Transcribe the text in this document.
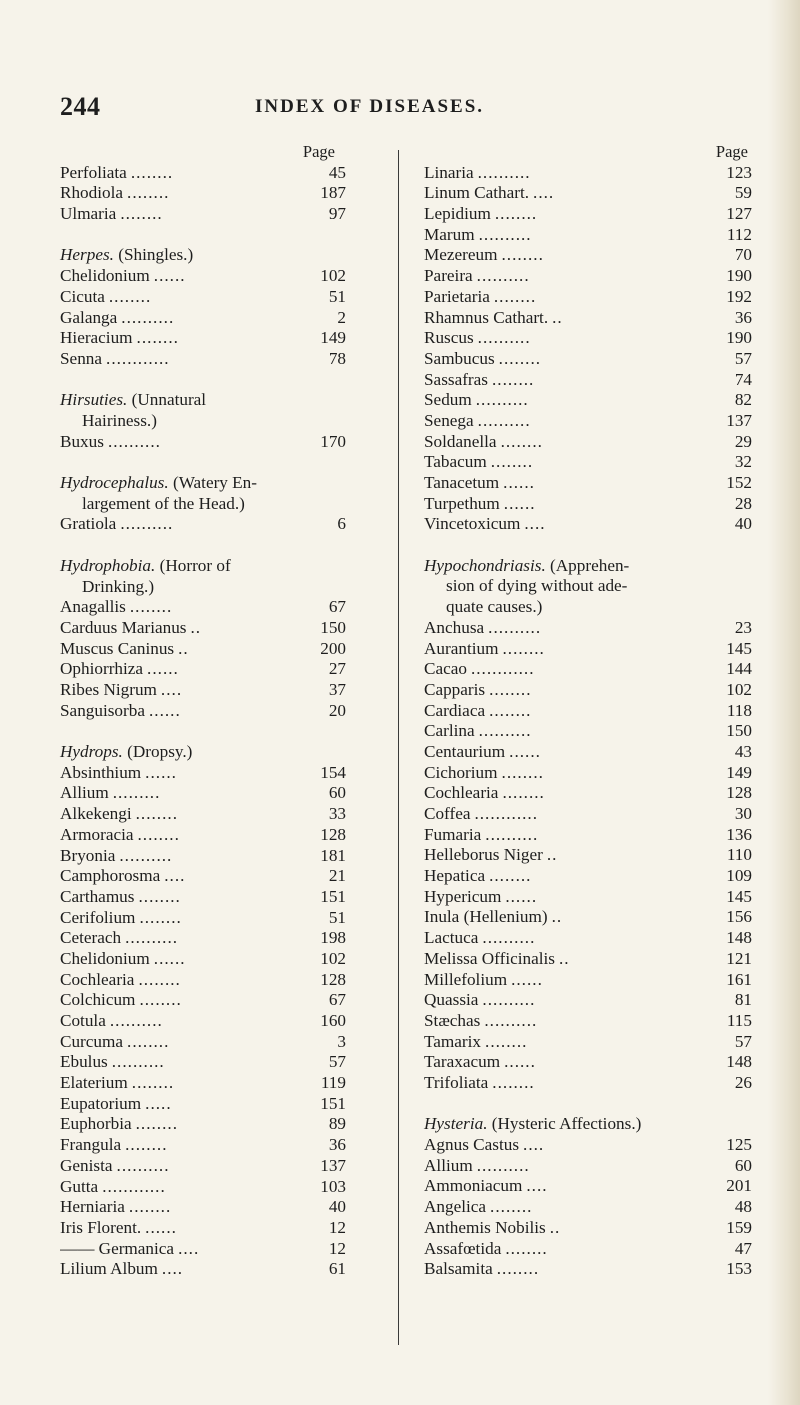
244	INDEX OF DISEASES.
Page
Perfoliata ........	45
Rhodiola ........	187
Ulmaria ........	97
Herpes. (Shingles.)
Chelidonium ......	102
Cicuta ........	51
Galanga ..........	2
Hieracium ........	149
Senna ............	78
Hirsuties. (Unnatural
Hairiness.)
Buxus ..........	170
Hydrocephalus. (Watery En-
largement of the Head.)
Gratiola ..........	6
Hydrophobia. (Horror of
Drinking.)
Anagallis ........	67
Carduus Marianus ..	150
Muscus Caninus ..	200
Ophiorrhiza ......	27
Ribes Nigrum ....	37
Sanguisorba ......	20
Hydrops. (Dropsy.)
Absinthium ......	154
Allium .........	60
Alkekengi ........	33
Armoracia ........	128
Bryonia ..........	181
Camphorosma ....	21
Carthamus ........	151
Cerifolium ........	51
Ceterach ..........	198
Chelidonium ......	102
Cochlearia ........	128
Colchicum ........	67
Cotula ..........	160
Curcuma ........	3
Ebulus ..........	57
Elaterium ........	119
Eupatorium .....	151
Euphorbia ........	89
Frangula ........	36
Genista ..........	137
Gutta ............	103
Herniaria ........	40
Iris Florent. ......	12
—— Germanica ....	12
Lilium Album ....	61
Page
Linaria ..........	123
Linum Cathart. ....	59
Lepidium ........	127
Marum ..........	112
Mezereum ........	70
Pareira ..........	190
Parietaria ........	192
Rhamnus Cathart. ..	36
Ruscus ..........	190
Sambucus ........	57
Sassafras ........	74
Sedum ..........	82
Senega ..........	137
Soldanella ........	29
Tabacum ........	32
Tanacetum ......	152
Turpethum ......	28
Vincetoxicum ....	40
Hypochondriasis. (Apprehen-
sion of dying without ade-
quate causes.)
Anchusa ..........	23
Aurantium ........	145
Cacao ............	144
Capparis ........	102
Cardiaca ........	118
Carlina ..........	150
Centaurium ......	43
Cichorium ........	149
Cochlearia ........	128
Coffea ............	30
Fumaria ..........	136
Helleborus Niger ..	110
Hepatica ........	109
Hypericum ......	145
Inula (Hellenium) ..	156
Lactuca ..........	148
Melissa Officinalis ..	121
Millefolium ......	161
Quassia ..........	81
Stæchas ..........	115
Tamarix ........	57
Taraxacum ......	148
Trifoliata ........	26
Hysteria. (Hysteric Affections.)
Agnus Castus ....	125
Allium ..........	60
Ammoniacum ....	201
Angelica ........	48
Anthemis Nobilis ..	159
Assafœtida ........	47
Balsamita ........	153
